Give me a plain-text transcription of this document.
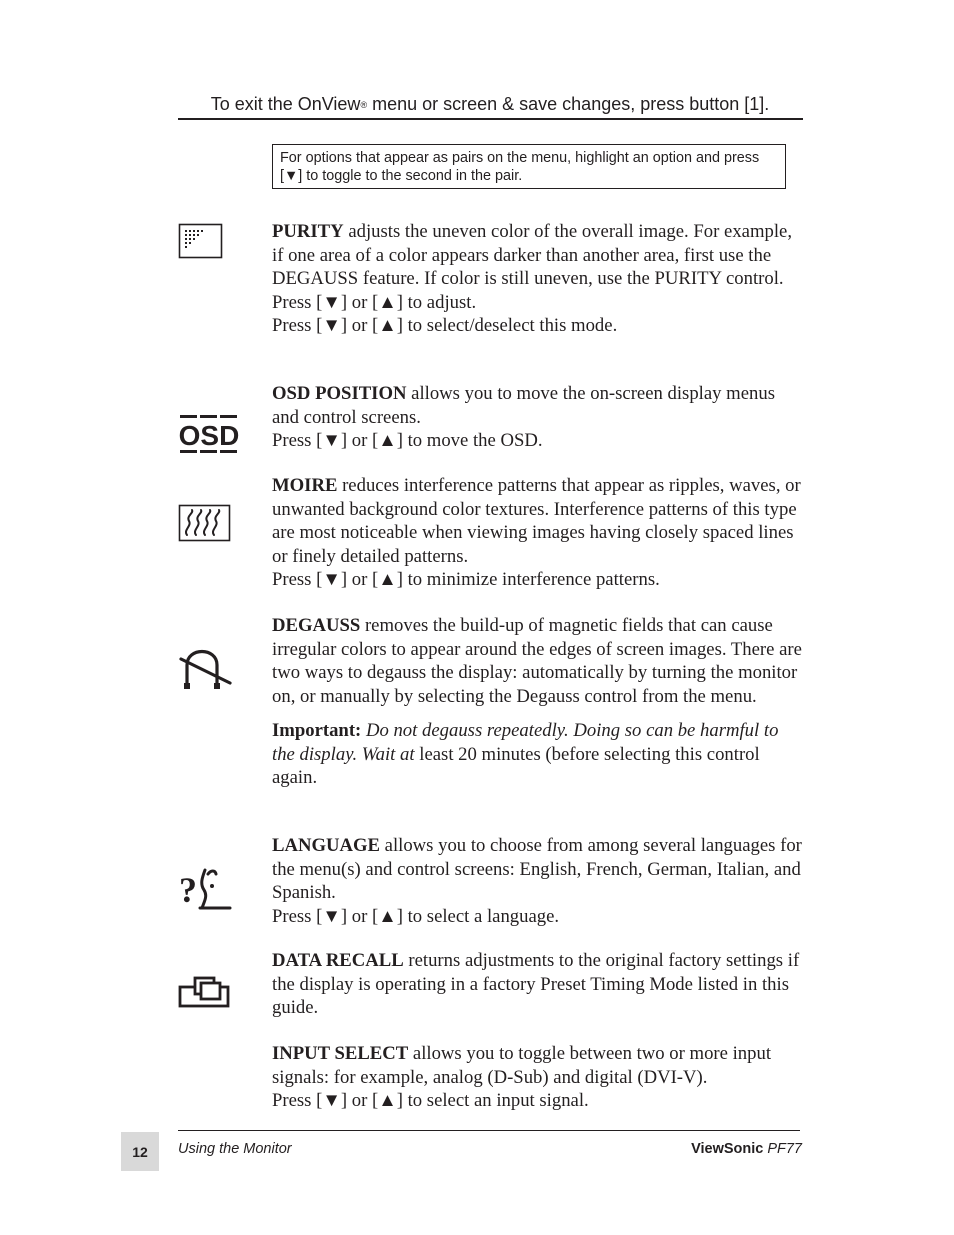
To exit the OnView® menu or screen & save changes, press button [1].
For options that appear as pairs on the menu, highlight an option and press [▼] to toggle to the second in the pair.

PURITY adjusts the uneven color of the overall image. For example, if one area of a color appears darker than another area, first use the DEGAUSS feature. If color is still uneven, use the PURITY control.

Press [▼] or [▲] to adjust.

Press [▼] or [▲] to select/deselect this mode.

OSD

OSD POSITION allows you to move the on-screen display menus and control screens.

Press [▼] or [▲] to move the OSD.

MOIRE reduces interference patterns that appear as ripples, waves, or unwanted background color textures. Interference patterns of this type are most noticeable when viewing images having closely spaced lines or finely detailed patterns.

Press [▼] or [▲] to minimize interference patterns.

DEGAUSS removes the build-up of magnetic fields that can cause irregular colors to appear around the edges of screen images. There are two ways to degauss the display: automatically by turning the monitor on, or manually by selecting the Degauss control from the menu.

Important: Do not degauss repeatedly. Doing so can be harmful to the display. Wait at least 20 minutes (before selecting this control again.

?

LANGUAGE allows you to choose from among several languages for the menu(s) and control screens: English, French, German, Italian, and Spanish.

Press [▼] or [▲] to select a language.

DATA RECALL returns adjustments to the original factory settings if the display is operating in a factory Preset Timing Mode listed in this guide.

INPUT SELECT allows you to toggle between two or more input signals: for example, analog (D-Sub) and digital (DVI-V).

Press [▼] or [▲] to select an input signal.

12	Using the Monitor	ViewSonic PF77
